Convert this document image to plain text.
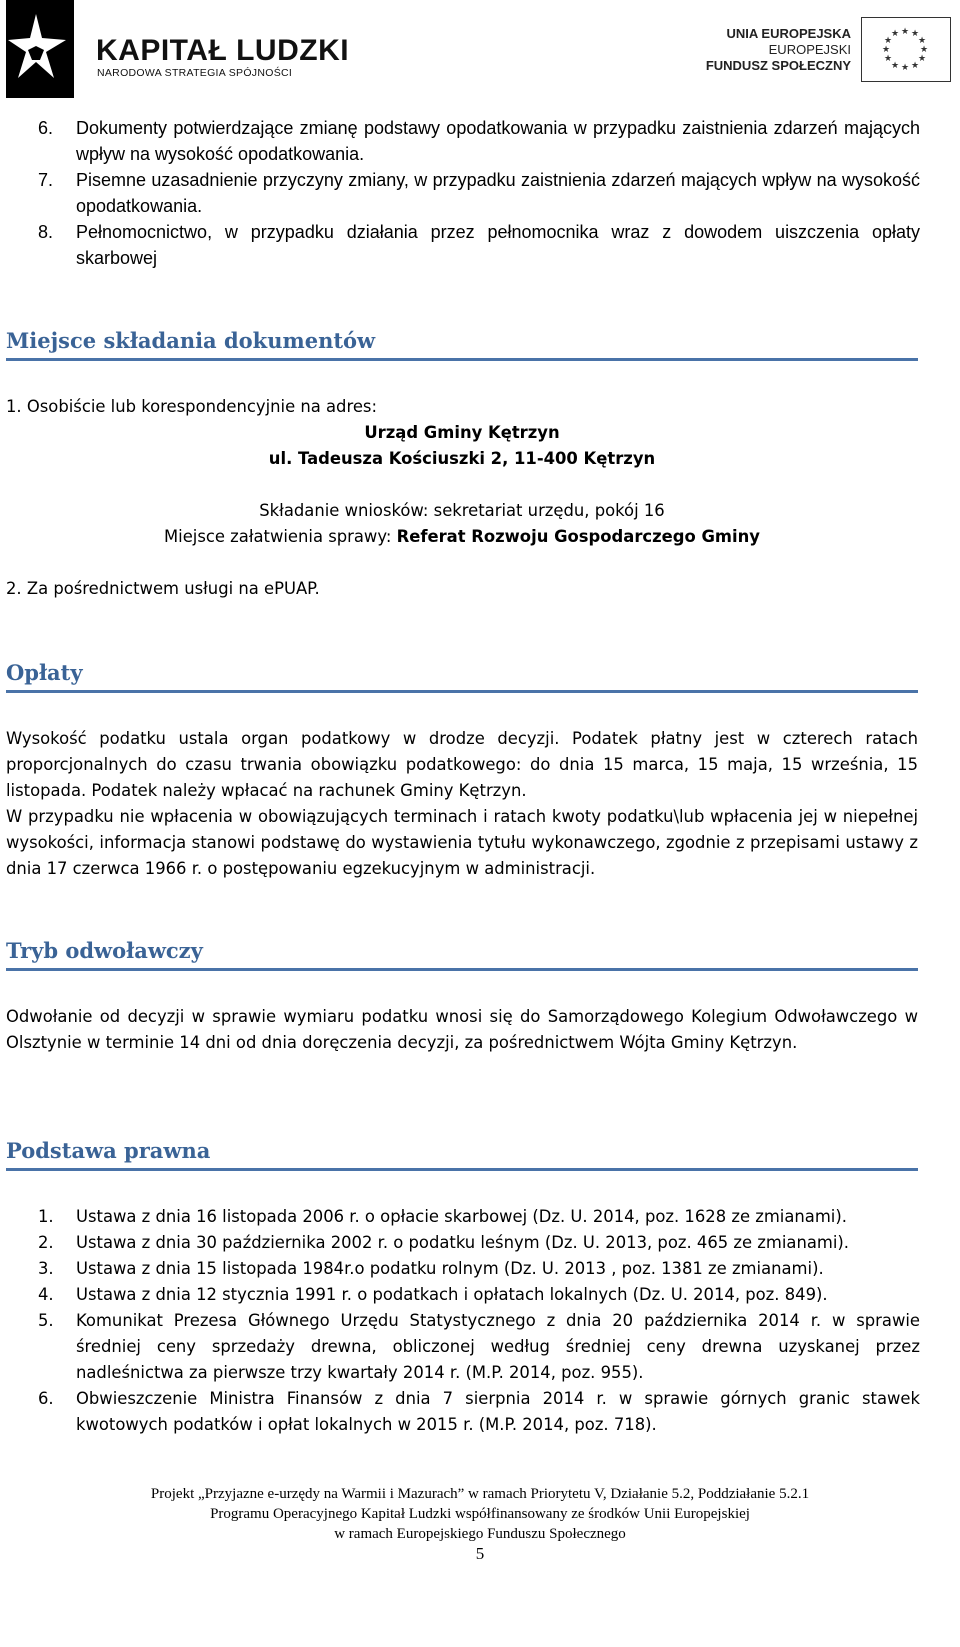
KAPITAŁ LUDZKI
NARODOWA STRATEGIA SPÓJNOŚCI
UNIA EUROPEJSKA
EUROPEJSKI
FUNDUSZ SPOŁECZNY
★ ★
★
★
★
★
★
★
★
★
★
★
6. Dokumenty potwierdzające zmianę podstawy opodatkowania w przypadku zaistnienia zdarzeń mających wpływ na wysokość opodatkowania.
7. Pisemne uzasadnienie przyczyny zmiany, w przypadku zaistnienia zdarzeń mających wpływ na wysokość opodatkowania.
8. Pełnomocnictwo, w przypadku działania przez pełnomocnika wraz z dowodem uiszczenia opłaty skarbowej
Miejsce składania dokumentów
1. Osobiście lub korespondencyjnie na adres:
Urząd Gminy Kętrzyn
ul. Tadeusza Kościuszki 2, 11-400 Kętrzyn
Składanie wniosków: sekretariat urzędu, pokój 16
Miejsce załatwienia sprawy: Referat Rozwoju Gospodarczego Gminy
2. Za pośrednictwem usługi na ePUAP.
Opłaty
Wysokość podatku ustala organ podatkowy w drodze decyzji. Podatek płatny jest w czterech ratach proporcjonalnych do czasu trwania obowiązku podatkowego: do dnia 15 marca, 15 maja, 15 września, 15 listopada. Podatek należy wpłacać na rachunek Gminy Kętrzyn.
W przypadku nie wpłacenia w obowiązujących terminach i ratach kwoty podatku\lub wpłacenia jej w niepełnej wysokości, informacja stanowi podstawę do wystawienia tytułu wykonawczego, zgodnie z przepisami ustawy z dnia 17 czerwca 1966 r. o postępowaniu egzekucyjnym w administracji.
Tryb odwoławczy
Odwołanie od decyzji w sprawie wymiaru podatku wnosi się do Samorządowego Kolegium Odwoławczego w Olsztynie w terminie 14 dni od dnia doręczenia decyzji, za pośrednictwem Wójta Gminy Kętrzyn.
Podstawa prawna
1. Ustawa z dnia 16 listopada 2006 r. o opłacie skarbowej (Dz. U. 2014, poz. 1628 ze zmianami).
2. Ustawa z dnia 30 października 2002 r. o podatku leśnym (Dz. U. 2013, poz. 465 ze zmianami).
3. Ustawa z dnia 15 listopada 1984r.o podatku rolnym (Dz. U. 2013 , poz. 1381 ze zmianami).
4. Ustawa z dnia 12 stycznia 1991 r. o podatkach i opłatach lokalnych (Dz. U. 2014, poz. 849).
5. Komunikat Prezesa Głównego Urzędu Statystycznego z dnia 20 października 2014 r. w sprawie średniej ceny sprzedaży drewna, obliczonej według średniej ceny drewna uzyskanej przez nadleśnictwa za pierwsze trzy kwartały 2014 r. (M.P. 2014, poz. 955).
6. Obwieszczenie Ministra Finansów z dnia 7 sierpnia 2014 r. w sprawie górnych granic stawek kwotowych podatków i opłat lokalnych w 2015 r. (M.P. 2014, poz. 718).
Projekt „Przyjazne e-urzędy na Warmii i Mazurach” w ramach Priorytetu V, Działanie 5.2, Poddziałanie 5.2.1
Programu Operacyjnego Kapitał Ludzki współfinansowany ze środków Unii Europejskiej
w ramach Europejskiego Funduszu Społecznego
5
